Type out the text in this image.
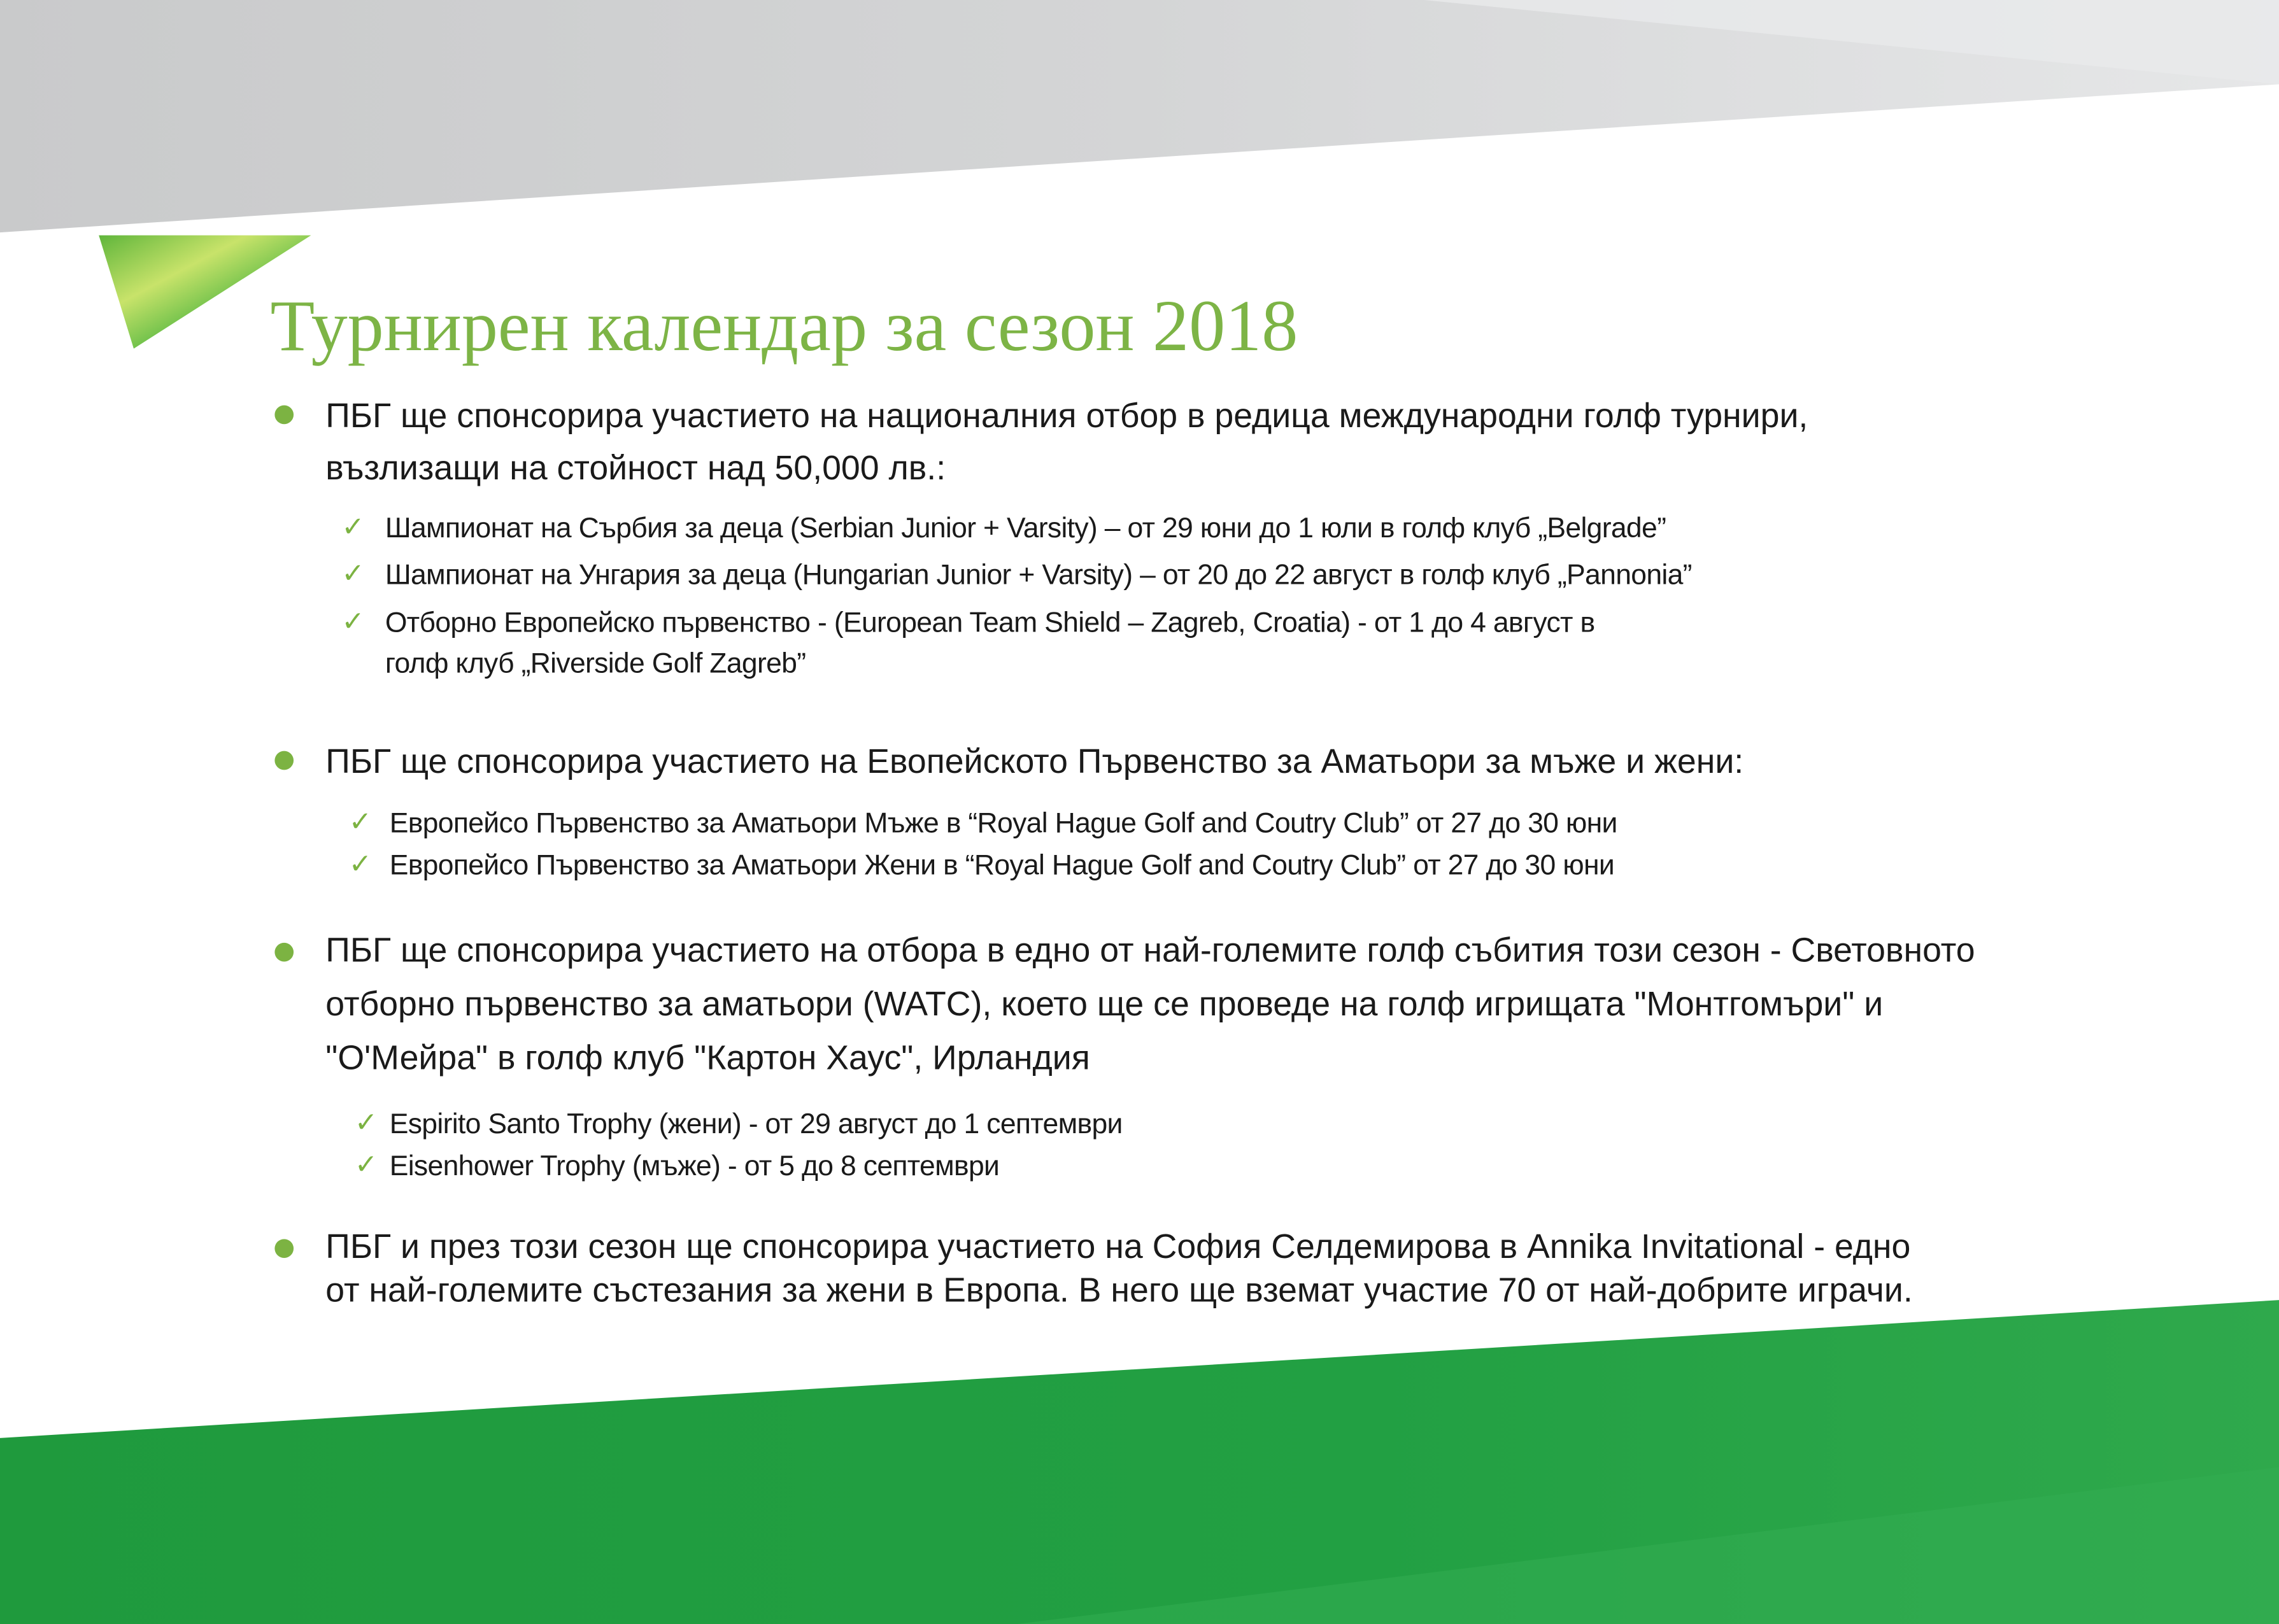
Турнирен календар за сезон 2018

ПБГ ще спонсорира участието на националния отбор в редица международни голф турнири,
възлизащи на стойност над 50,000 лв.:

✓ Шампионат на Сърбия за деца (Serbian Junior + Varsity) – от 29 юни до 1 юли в голф клуб „Belgrade”

✓ Шампионат на Унгария за деца (Hungarian Junior + Varsity) – от 20 до 22 август в голф клуб „Pannonia”

✓ Отборно Европейско първенство - (European Team Shield – Zagreb, Croatia) - от 1 до 4 август в
голф клуб „Riverside Golf Zagreb”

ПБГ ще спонсорира участието на Евопейското Първенство за Аматьори за мъже и жени:

✓ Европейсо Първенство за Аматьори Мъже в “Royal Hague Golf and Coutry Club” от 27 до 30 юни

✓ Европейсо Първенство за Аматьори Жени в “Royal Hague Golf and Coutry Club” от 27 до 30 юни

ПБГ ще спонсорира участието на отбора в едно от най-големите голф събития този сезон - Световното
отборно първенство за аматьори (WATC), което ще се проведе на голф игрищата "Монтгомъри" и
"О'Мейра" в голф клуб "Картон Хаус", Ирландия

✓ Espirito Santo Trophy (жени) - от 29 август до 1 септември

✓ Eisenhower Trophy (мъже) - от 5 до 8 септември

ПБГ и през този сезон ще спонсорира участието на София Селдемирова в Annika Invitational - едно
от най-големите състезания за жени в Европа. В него ще вземат участие 70 от най-добрите играчи.
